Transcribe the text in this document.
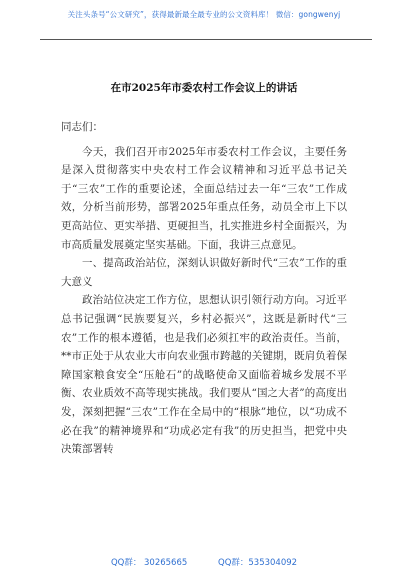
关注头条号“公文研究”，获得最新最全最专业的公文资料库！ 微信：gongwenyj
在市2025年市委农村工作会议上的讲话

同志们：

今天，我们召开市2025年市委农村工作会议，主要任务是深入贯彻落实中央农村工作会议精神和习近平总书记关于“三农”工作的重要论述，全面总结过去一年“三农”工作成效，分析当前形势，部署2025年重点任务，动员全市上下以更高站位、更实举措、更硬担当，扎实推进乡村全面振兴，为市高质量发展奠定坚实基础。下面，我讲三点意见。

一、提高政治站位，深刻认识做好新时代“三农”工作的重大意义

政治站位决定工作方位，思想认识引领行动方向。习近平总书记强调“民族要复兴，乡村必振兴”，这既是新时代“三农”工作的根本遵循，也是我们必须扛牢的政治责任。当前，**市正处于从农业大市向农业强市跨越的关键期，既肩负着保障国家粮食安全“压舱石”的战略使命又面临着城乡发展不平衡、农业质效不高等现实挑战。我们要从“国之大者”的高度出发，深刻把握“三农”工作在全局中的“根脉”地位，以“功成不必在我”的精神境界和“功成必定有我”的历史担当，把党中央决策部署转

QQ群： 30265665	QQ群：535304092
